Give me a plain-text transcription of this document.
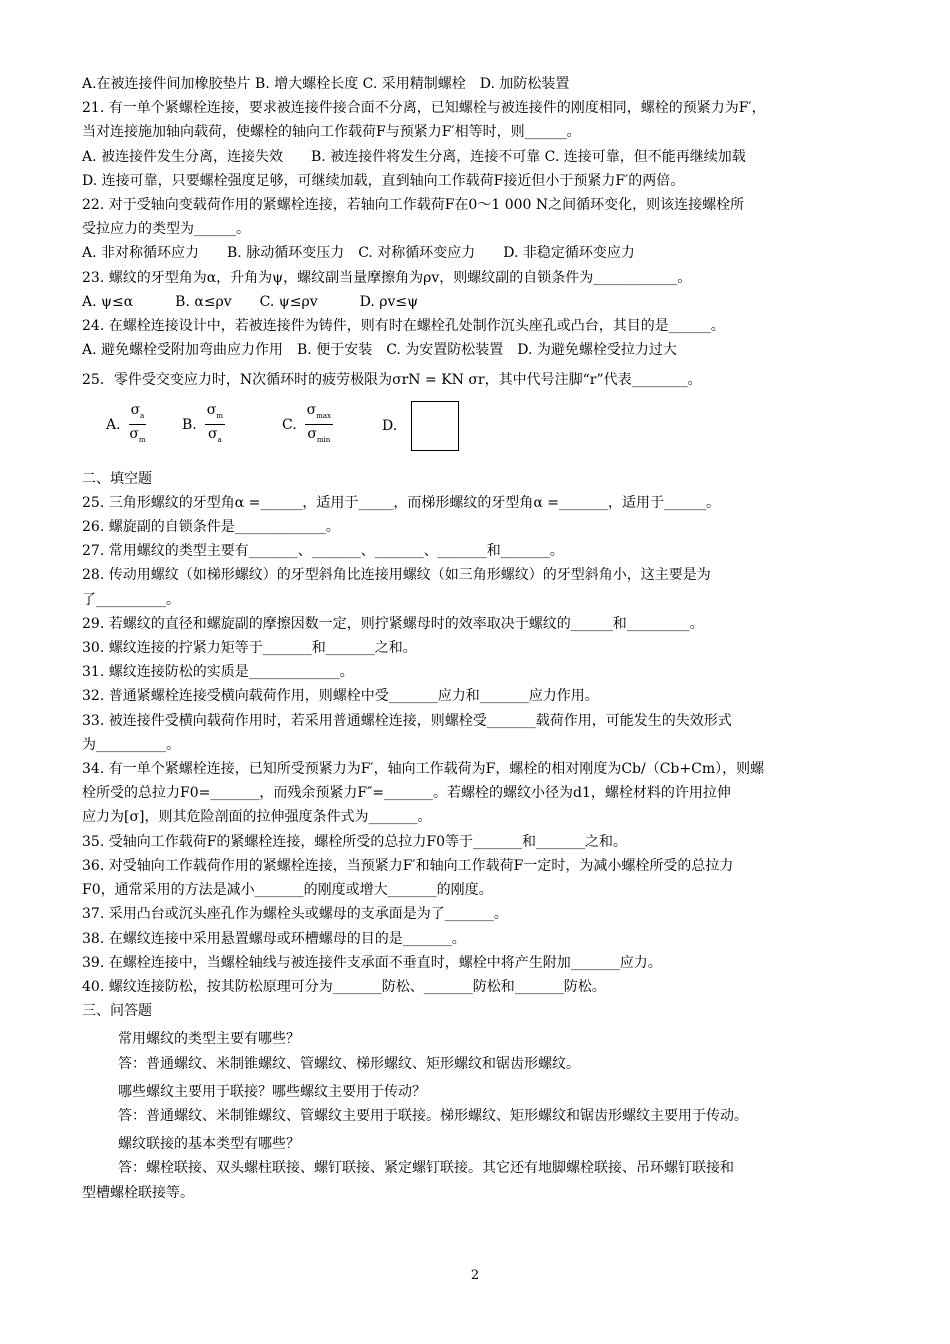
A.在被连接件间加橡胶垫片 B. 增大螺栓长度 C. 采用精制螺栓　D. 加防松装置
21. 有一单个紧螺栓连接，要求被连接件接合面不分离，已知螺栓与被连接件的刚度相同，螺栓的预紧力为F′，
当对连接施加轴向载荷，使螺栓的轴向工作载荷F与预紧力F′相等时，则______。
A. 被连接件发生分离，连接失效　　B. 被连接件将发生分离，连接不可靠 C. 连接可靠，但不能再继续加载
D. 连接可靠，只要螺栓强度足够，可继续加载，直到轴向工作载荷F接近但小于预紧力F′的两倍。
22. 对于受轴向变载荷作用的紧螺栓连接，若轴向工作载荷F在0～1 000 N之间循环变化，则该连接螺栓所
受拉应力的类型为______。
A. 非对称循环应力　　B. 脉动循环变压力　C. 对称循环变应力　　D. 非稳定循环变应力
23. 螺纹的牙型角为α，升角为ψ，螺纹副当量摩擦角为ρv，则螺纹副的自锁条件为____________。
A. ψ≤α　　　B. α≤ρv　　C. ψ≤ρv　　　D. ρv≤ψ
24. 在螺栓连接设计中，若被连接件为铸件，则有时在螺栓孔处制作沉头座孔或凸台，其目的是______。
A. 避免螺栓受附加弯曲应力作用　B. 便于安装　C. 为安置防松装置　D. 为避免螺栓受拉力过大
25．零件受交变应力时，N次循环时的疲劳极限为σrN = KN σr，其中代号注脚“r”代表________。
A. $\frac{\sigma_a}{\sigma_m}$	B. $\frac{\sigma_m}{\sigma_a}$	C. $\frac{\sigma_{max}}{\sigma_{min}}$	D.
二、填空题
25. 三角形螺纹的牙型角α =______，适用于_____，而梯形螺纹的牙型角α =_______，适用于______。
26. 螺旋副的自锁条件是_____________。
27. 常用螺纹的类型主要有_______、_______、_______、_______和_______。
28. 传动用螺纹（如梯形螺纹）的牙型斜角比连接用螺纹（如三角形螺纹）的牙型斜角小，这主要是为
了__________。
29. 若螺纹的直径和螺旋副的摩擦因数一定，则拧紧螺母时的效率取决于螺纹的______和_________。
30. 螺纹连接的拧紧力矩等于_______和_______之和。
31. 螺纹连接防松的实质是_____________。
32. 普通紧螺栓连接受横向载荷作用，则螺栓中受_______应力和_______应力作用。
33. 被连接件受横向载荷作用时，若采用普通螺栓连接，则螺栓受_______载荷作用，可能发生的失效形式
为__________。
34. 有一单个紧螺栓连接，已知所受预紧力为F′，轴向工作载荷为F，螺栓的相对刚度为Cb/（Cb+Cm），则螺
栓所受的总拉力F0=_______，而残余预紧力F″=_______。若螺栓的螺纹小径为d1，螺栓材料的许用拉伸
应力为[σ]，则其危险剖面的拉伸强度条件式为_______。
35. 受轴向工作载荷F的紧螺栓连接，螺栓所受的总拉力F0等于_______和_______之和。
36. 对受轴向工作载荷作用的紧螺栓连接，当预紧力F′和轴向工作载荷F一定时，为减小螺栓所受的总拉力
F0，通常采用的方法是减小_______的刚度或增大_______的刚度。
37. 采用凸台或沉头座孔作为螺栓头或螺母的支承面是为了_______。
38. 在螺纹连接中采用悬置螺母或环槽螺母的目的是_______。
39. 在螺栓连接中，当螺栓轴线与被连接件支承面不垂直时，螺栓中将产生附加_______应力。
40. 螺纹连接防松，按其防松原理可分为_______防松、_______防松和_______防松。
三、问答题
常用螺纹的类型主要有哪些？
答：普通螺纹、米制锥螺纹、管螺纹、梯形螺纹、矩形螺纹和锯齿形螺纹。
哪些螺纹主要用于联接？哪些螺纹主要用于传动？
答：普通螺纹、米制锥螺纹、管螺纹主要用于联接。梯形螺纹、矩形螺纹和锯齿形螺纹主要用于传动。
螺纹联接的基本类型有哪些？
答：螺栓联接、双头螺柱联接、螺钉联接、紧定螺钉联接。其它还有地脚螺栓联接、吊环螺钉联接和
型槽螺栓联接等。
2
